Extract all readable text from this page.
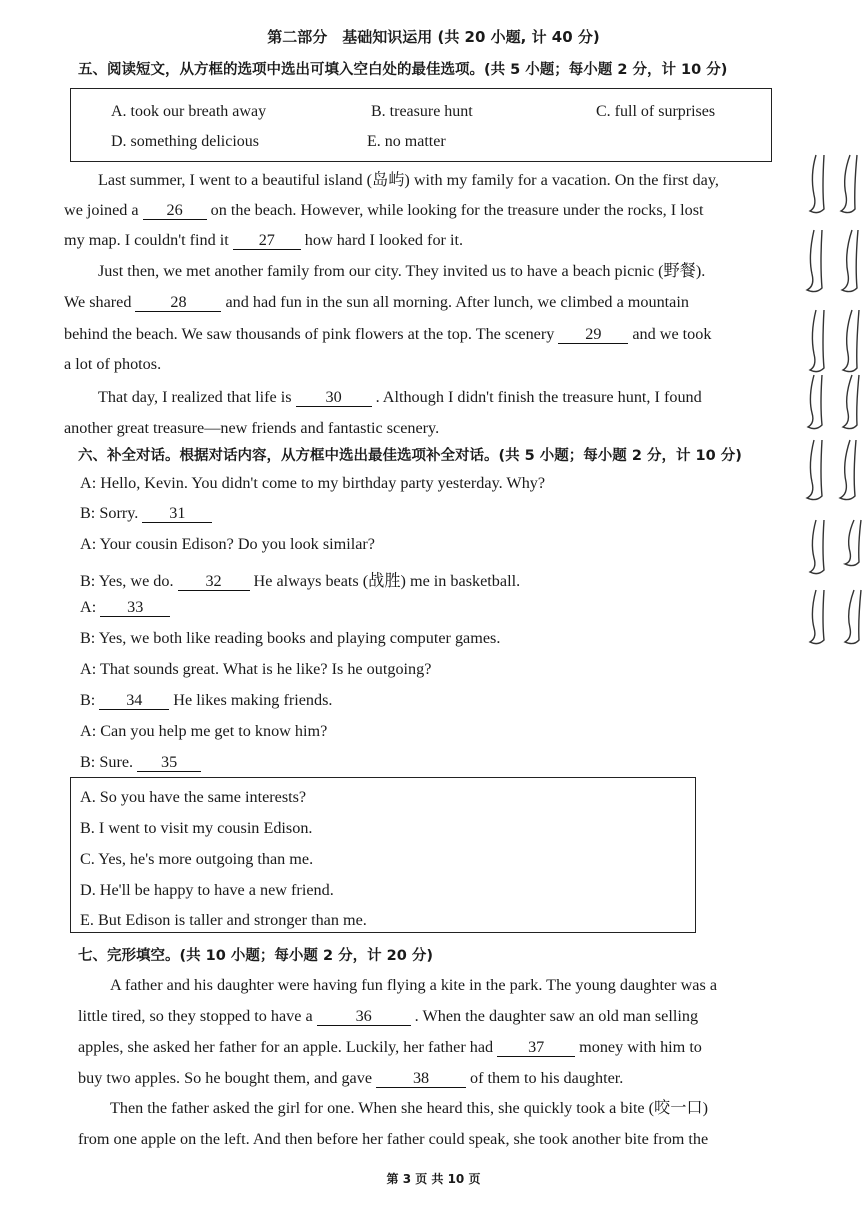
第二部分　基础知识运用 (共 20 小题, 计 40 分)
五、阅读短文，从方框的选项中选出可填入空白处的最佳选项。(共 5 小题；每小题 2 分，计 10 分)
A. took our breath away	B. treasure hunt	C. full of surprises
D. something delicious	E. no matter
Last summer, I went to a beautiful island (岛屿) with my family for a vacation. On the first day,
we joined a 26 on the beach. However, while looking for the treasure under the rocks, I lost
my map. I couldn't find it 27 how hard I looked for it.
Just then, we met another family from our city. They invited us to have a beach picnic (野餐).
We shared 28 and had fun in the sun all morning. After lunch, we climbed a mountain
behind the beach. We saw thousands of pink flowers at the top. The scenery 29 and we took
a lot of photos.
That day, I realized that life is 30 . Although I didn't finish the treasure hunt, I found
another great treasure—new friends and fantastic scenery.
六、补全对话。根据对话内容，从方框中选出最佳选项补全对话。(共 5 小题；每小题 2 分，计 10 分)
A: Hello, Kevin. You didn't come to my birthday party yesterday. Why?
B: Sorry. 31
A: Your cousin Edison? Do you look similar?
B: Yes, we do. 32 He always beats (战胜) me in basketball.
A: 33
B: Yes, we both like reading books and playing computer games.
A: That sounds great. What is he like? Is he outgoing?
B: 34 He likes making friends.
A: Can you help me get to know him?
B: Sure. 35
A. So you have the same interests?
B. I went to visit my cousin Edison.
C. Yes, he's more outgoing than me.
D. He'll be happy to have a new friend.
E. But Edison is taller and stronger than me.
七、完形填空。(共 10 小题；每小题 2 分，计 20 分)
A father and his daughter were having fun flying a kite in the park. The young daughter was a
little tired, so they stopped to have a	36	. When the daughter saw an old man selling
apples, she asked her father for an apple. Luckily, her father had 37 money with him to
buy two apples. So he bought them, and gave	38	of them to his daughter.
Then the father asked the girl for one. When she heard this, she quickly took a bite (咬一口)
from one apple on the left. And then before her father could speak, she took another bite from the
第 3 页 共 10 页
